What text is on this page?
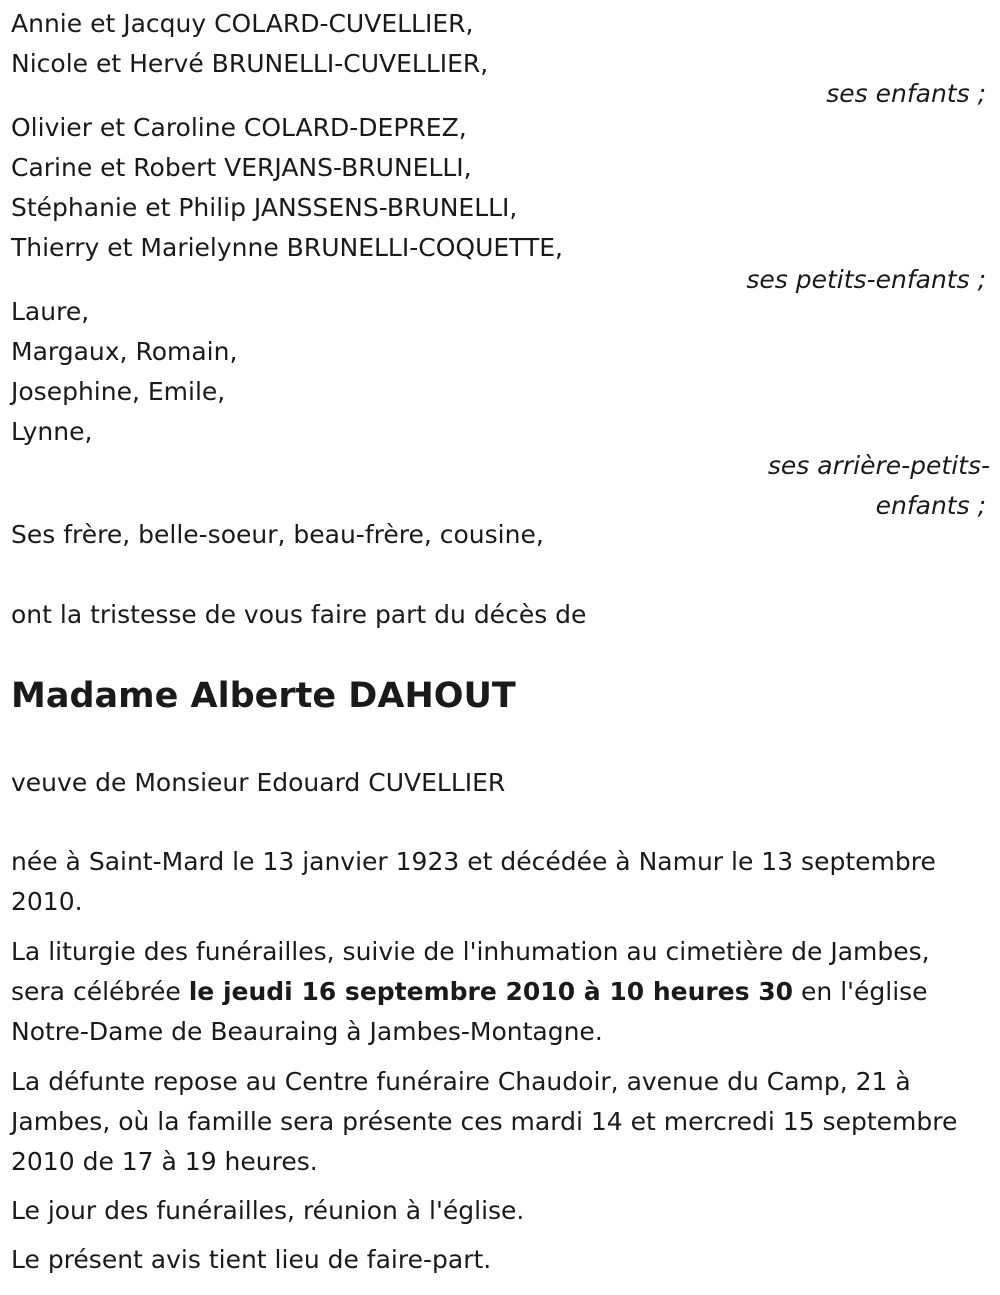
Annie et Jacquy COLARD-CUVELLIER,
Nicole et Hervé BRUNELLI-CUVELLIER,
ses enfants ;
Olivier et Caroline COLARD-DEPREZ,
Carine et Robert VERJANS-BRUNELLI,
Stéphanie et Philip JANSSENS-BRUNELLI,
Thierry et Marielynne BRUNELLI-COQUETTE,
ses petits-enfants ;
Laure,
Margaux, Romain,
Josephine, Emile,
Lynne,
ses arrière-petits-
enfants ;
Ses frère, belle-soeur, beau-frère, cousine,
ont la tristesse de vous faire part du décès de
Madame Alberte DAHOUT
veuve de Monsieur Edouard CUVELLIER
née à Saint-Mard le 13 janvier 1923 et décédée à Namur le 13 septembre 2010.
La liturgie des funérailles, suivie de l'inhumation au cimetière de Jambes, sera célébrée le jeudi 16 septembre 2010 à 10 heures 30 en l'église Notre-Dame de Beauraing à Jambes-Montagne.
La défunte repose au Centre funéraire Chaudoir, avenue du Camp, 21 à Jambes, où la famille sera présente ces mardi 14 et mercredi 15 septembre 2010 de 17 à 19 heures.
Le jour des funérailles, réunion à l'église.
Le présent avis tient lieu de faire-part.
